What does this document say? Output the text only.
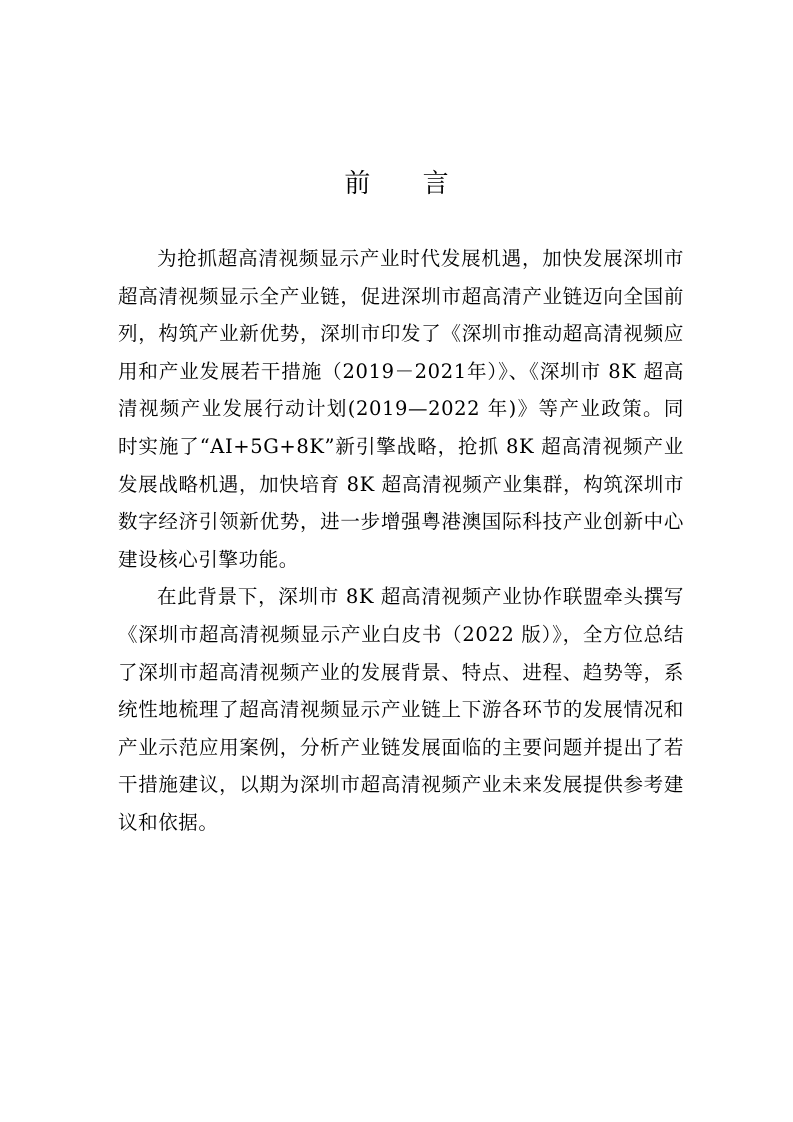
前 言

为抢抓超高清视频显示产业时代发展机遇，加快发展深圳市超高清视频显示全产业链，促进深圳市超高清产业链迈向全国前列，构筑产业新优势，深圳市印发了《深圳市推动超高清视频应用和产业发展若干措施（2019－2021年）》、《深圳市 8K 超高清视频产业发展行动计划(2019—2022 年)》等产业政策。同时实施了“AI+5G+8K”新引擎战略，抢抓 8K 超高清视频产业发展战略机遇，加快培育 8K 超高清视频产业集群，构筑深圳市数字经济引领新优势，进一步增强粤港澳国际科技产业创新中心建设核心引擎功能。

在此背景下，深圳市 8K 超高清视频产业协作联盟牵头撰写《深圳市超高清视频显示产业白皮书（2022 版）》，全方位总结了深圳市超高清视频产业的发展背景、特点、进程、趋势等，系统性地梳理了超高清视频显示产业链上下游各环节的发展情况和产业示范应用案例，分析产业链发展面临的主要问题并提出了若干措施建议，以期为深圳市超高清视频产业未来发展提供参考建议和依据。
